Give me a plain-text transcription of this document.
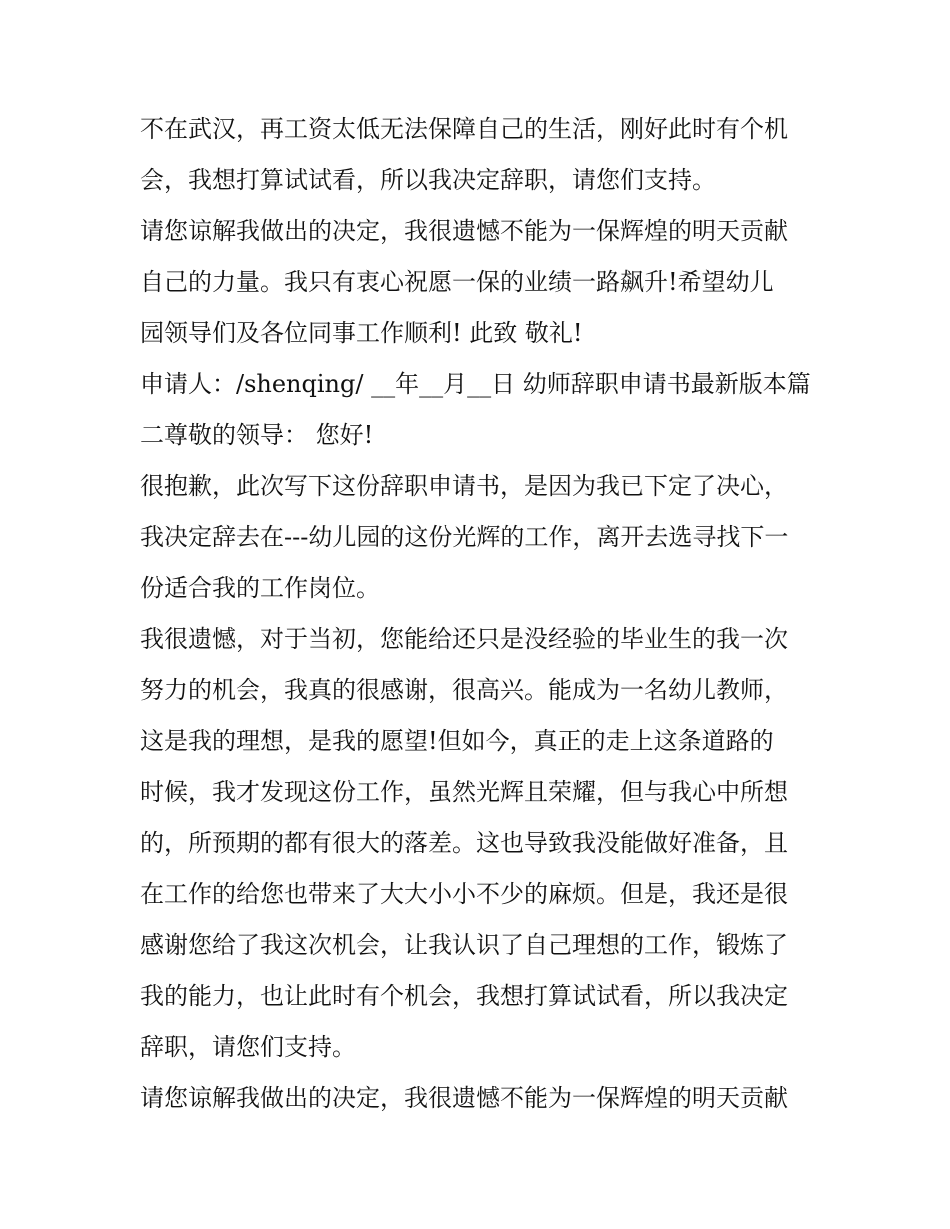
不在武汉，再工资太低无法保障自己的生活，刚好此时有个机
会，我想打算试试看，所以我决定辞职，请您们支持。
请您谅解我做出的决定，我很遗憾不能为一保辉煌的明天贡献
自己的力量。我只有衷心祝愿一保的业绩一路飙升!希望幼儿
园领导们及各位同事工作顺利! 此致 敬礼!
申请人：/shenqing/ __年__月__日 幼师辞职申请书最新版本篇
二尊敬的领导： 您好!
很抱歉，此次写下这份辞职申请书，是因为我已下定了决心，
我决定辞去在---幼儿园的这份光辉的工作，离开去选寻找下一
份适合我的工作岗位。
我很遗憾，对于当初，您能给还只是没经验的毕业生的我一次
努力的机会，我真的很感谢，很高兴。能成为一名幼儿教师，
这是我的理想，是我的愿望!但如今，真正的走上这条道路的
时候，我才发现这份工作，虽然光辉且荣耀，但与我心中所想
的，所预期的都有很大的落差。这也导致我没能做好准备，且
在工作的给您也带来了大大小小不少的麻烦。但是，我还是很
感谢您给了我这次机会，让我认识了自己理想的工作，锻炼了
我的能力，也让此时有个机会，我想打算试试看，所以我决定
辞职，请您们支持。
请您谅解我做出的决定，我很遗憾不能为一保辉煌的明天贡献
